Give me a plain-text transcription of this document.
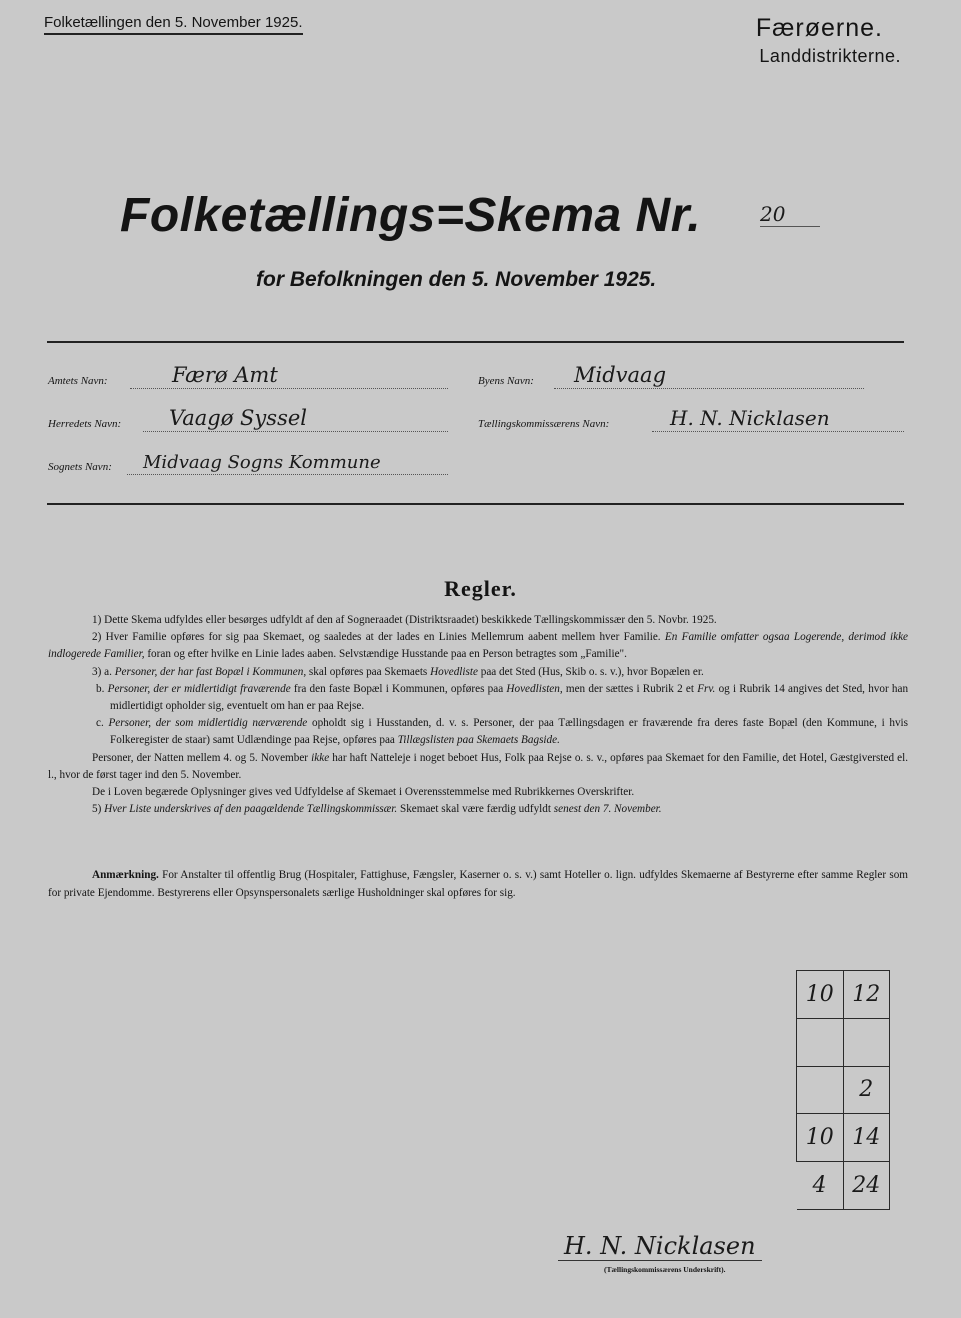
Folketællingen den 5. November 1925.	Færøerne.
Landdistrikterne.
Folketællings=Skema Nr.	20
for Befolkningen den 5. November 1925.
Amtets Navn:	Færø Amt
Herredets Navn: Vaagø Syssel
Sognets Navn: Midvaag Sogns Kommune
Byens Navn: Midvaag
Tællingskommissærens Navn:	H. N. Nicklasen
Regler.

1) Dette Skema udfyldes eller besørges udfyldt af den af Sogneraadet (Distriktsraadet) beskikkede Tællingskommissær den 5. Novbr. 1925.

2) Hver Familie opføres for sig paa Skemaet, og saaledes at der lades en Linies Mellemrum aabent mellem hver Familie. En Familie omfatter ogsaa Logerende, derimod ikke indlogerede Familier, foran og efter hvilke en Linie lades aaben. Selvstændige Husstande paa en Person betragtes som „Familie".

3) a. Personer, der har fast Bopæl i Kommunen, skal opføres paa Skemaets Hovedliste paa det Sted (Hus, Skib o. s. v.), hvor Bopælen er.

b. Personer, der er midlertidigt fraværende fra den faste Bopæl i Kommunen, opføres paa Hovedlisten, men der sættes i Rubrik 2 et Frv. og i Rubrik 14 angives det Sted, hvor han midlertidigt opholder sig, eventuelt om han er paa Rejse.

c. Personer, der som midlertidig nærværende opholdt sig i Husstanden, d. v. s. Personer, der paa Tællingsdagen er fraværende fra deres faste Bopæl (den Kommune, i hvis Folkeregister de staar) samt Udlændinge paa Rejse, opføres paa Tillægslisten paa Skemaets Bagside.

Personer, der Natten mellem 4. og 5. November ikke har haft Natteleje i noget beboet Hus, Folk paa Rejse o. s. v., opføres paa Skemaet for den Familie, det Hotel, Gæstgiversted el. l., hvor de først tager ind den 5. November.

De i Loven begærede Oplysninger gives ved Udfyldelse af Skemaet i Overensstemmelse med Rubrikkernes Overskrifter.

5) Hver Liste underskrives af den paagældende Tællingskommissær. Skemaet skal være færdig udfyldt senest den 7. November.

Anmærkning. For Anstalter til offentlig Brug (Hospitaler, Fattighuse, Fængsler, Kaserner o. s. v.) samt Hoteller o. lign. udfyldes Skemaerne af Bestyrerne efter samme Regler som for private Ejendomme. Bestyrerens eller Opsynspersonalets særlige Husholdninger skal opføres for sig.
10	12

	2
10	14
4	24
H. N. Nicklasen
(Tællingskommissærens Underskrift).
